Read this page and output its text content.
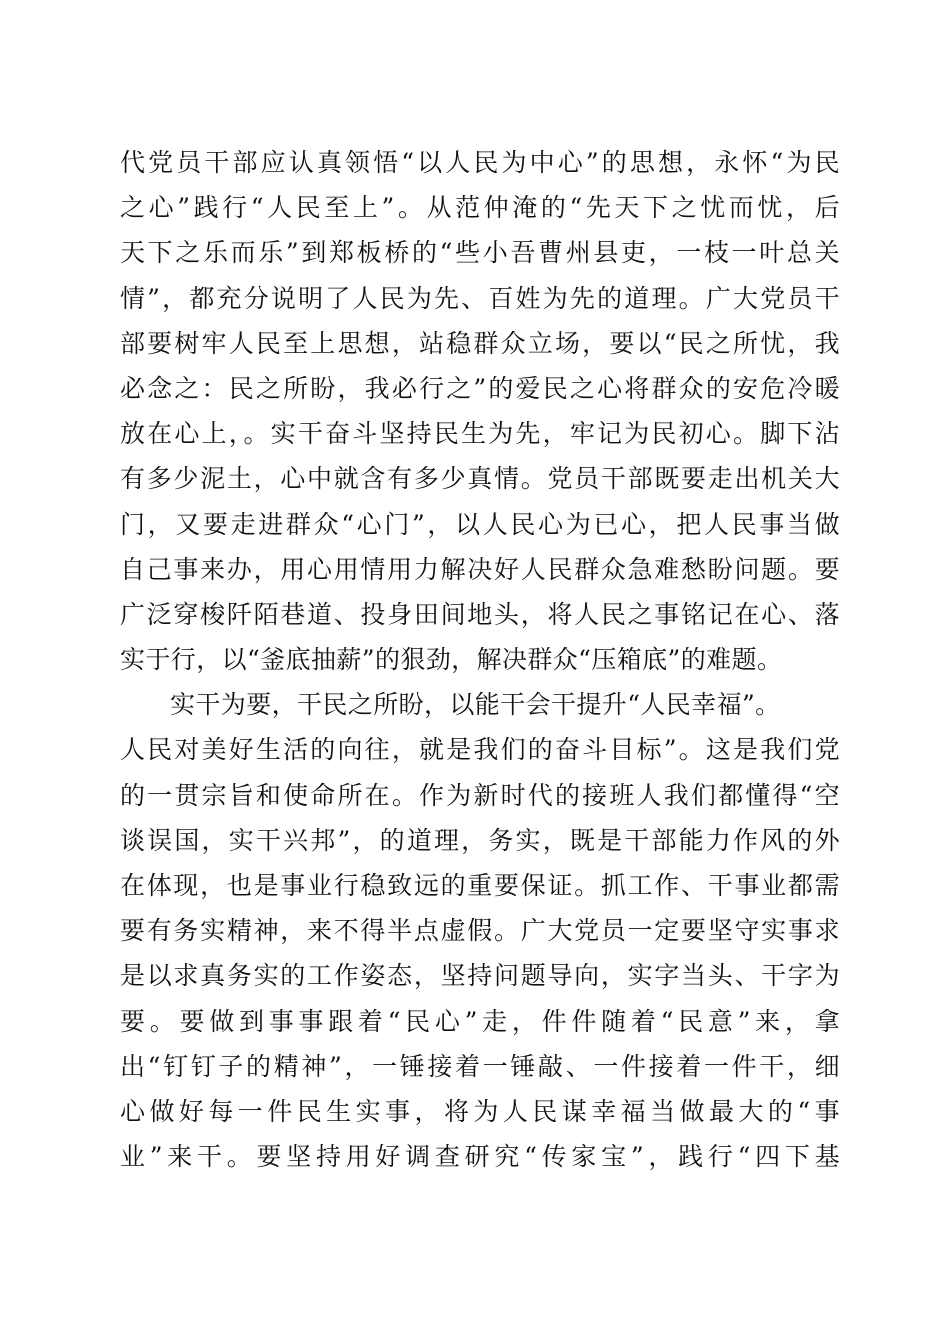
代党员干部应认真领悟“以人民为中心”的思想，永怀“为民
之心”践行“人民至上”。从范仲淹的“先天下之忧而忧，后
天下之乐而乐”到郑板桥的“些小吾曹州县吏，一枝一叶总关
情”，都充分说明了人民为先、百姓为先的道理。广大党员干
部要树牢人民至上思想，站稳群众立场，要以“民之所忧，我
必念之：民之所盼，我必行之”的爱民之心将群众的安危冷暖
放在心上，。实干奋斗坚持民生为先，牢记为民初心。脚下沾
有多少泥土，心中就含有多少真情。党员干部既要走出机关大
门，又要走进群众“心门”，以人民心为已心，把人民事当做
自己事来办，用心用情用力解决好人民群众急难愁盼问题。要
广泛穿梭阡陌巷道、投身田间地头，将人民之事铭记在心、落
实于行，以“釜底抽薪”的狠劲，解决群众“压箱底”的难题。
实干为要，干民之所盼，以能干会干提升“人民幸福”。
人民对美好生活的向往，就是我们的奋斗目标”。这是我们党
的一贯宗旨和使命所在。作为新时代的接班人我们都懂得“空
谈误国，实干兴邦”，的道理，务实，既是干部能力作风的外
在体现，也是事业行稳致远的重要保证。抓工作、干事业都需
要有务实精神，来不得半点虚假。广大党员一定要坚守实事求
是以求真务实的工作姿态，坚持问题导向，实字当头、干字为
要。要做到事事跟着“民心”走，件件随着“民意”来，拿
出“钉钉子的精神”，一锤接着一锤敲、一件接着一件干，细
心做好每一件民生实事，将为人民谋幸福当做最大的“事
业”来干。要坚持用好调查研究“传家宝”，践行“四下基
